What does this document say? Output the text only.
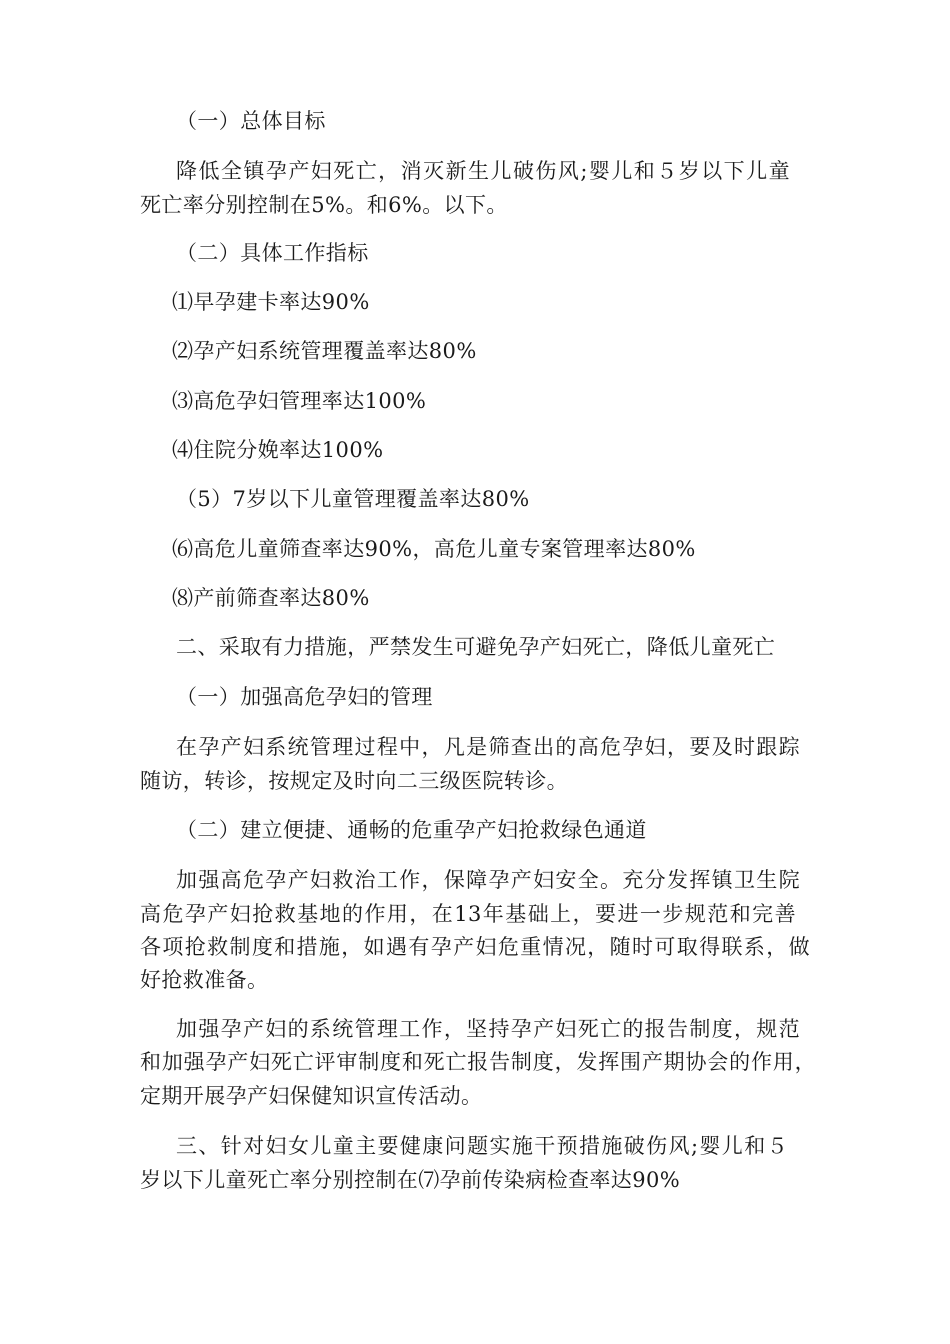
（一）总体目标
降低全镇孕产妇死亡，消灭新生儿破伤风;婴儿和５岁以下儿童
死亡率分别控制在5%。和6%。以下。
（二）具体工作指标
⑴早孕建卡率达90%
⑵孕产妇系统管理覆盖率达80%
⑶高危孕妇管理率达100%
⑷住院分娩率达100%
（5）7岁以下儿童管理覆盖率达80%
⑹高危儿童筛查率达90%，高危儿童专案管理率达80%
⑻产前筛查率达80%
二、采取有力措施，严禁发生可避免孕产妇死亡，降低儿童死亡
（一）加强高危孕妇的管理
在孕产妇系统管理过程中，凡是筛查出的高危孕妇，要及时跟踪
随访，转诊，按规定及时向二三级医院转诊。
（二）建立便捷、通畅的危重孕产妇抢救绿色通道
加强高危孕产妇救治工作，保障孕产妇安全。充分发挥镇卫生院
高危孕产妇抢救基地的作用，在13年基础上，要进一步规范和完善
各项抢救制度和措施，如遇有孕产妇危重情况，随时可取得联系，做
好抢救准备。
加强孕产妇的系统管理工作，坚持孕产妇死亡的报告制度，规范
和加强孕产妇死亡评审制度和死亡报告制度，发挥围产期协会的作用，
定期开展孕产妇保健知识宣传活动。
三、针对妇女儿童主要健康问题实施干预措施破伤风;婴儿和５
岁以下儿童死亡率分别控制在⑺孕前传染病检查率达90%
